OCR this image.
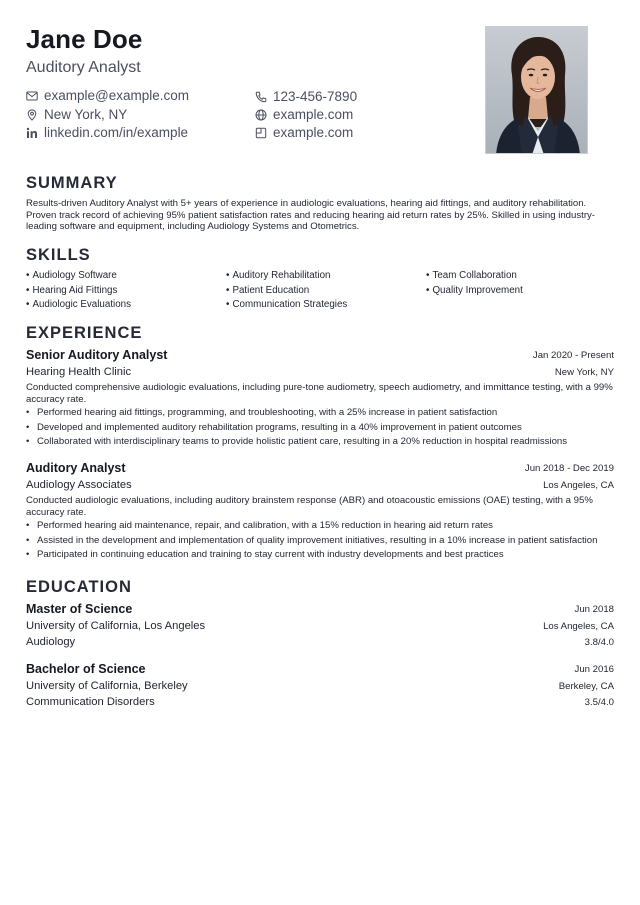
Jane Doe
Auditory Analyst
example@example.com	123-456-7890
New York, NY	example.com
linkedin.com/in/example	example.com
SUMMARY
Results-driven Auditory Analyst with 5+ years of experience in audiologic evaluations, hearing aid fittings, and auditory rehabilitation. Proven track record of achieving 95% patient satisfaction rates and reducing hearing aid return rates by 25%. Skilled in using industry-leading software and equipment, including Audiology Systems and Otometrics.
SKILLS
• Audiology Software	• Auditory Rehabilitation	• Team Collaboration
• Hearing Aid Fittings	• Patient Education	• Quality Improvement
• Audiologic Evaluations	• Communication Strategies
EXPERIENCE
Senior Auditory Analyst	Jan 2020 - Present
Hearing Health Clinic	New York, NY
Conducted comprehensive audiologic evaluations, including pure-tone audiometry, speech audiometry, and immittance testing, with a 99% accuracy rate.
• Performed hearing aid fittings, programming, and troubleshooting, with a 25% increase in patient satisfaction
• Developed and implemented auditory rehabilitation programs, resulting in a 40% improvement in patient outcomes
• Collaborated with interdisciplinary teams to provide holistic patient care, resulting in a 20% reduction in hospital readmissions
Auditory Analyst	Jun 2018 - Dec 2019
Audiology Associates	Los Angeles, CA
Conducted audiologic evaluations, including auditory brainstem response (ABR) and otoacoustic emissions (OAE) testing, with a 95% accuracy rate.
• Performed hearing aid maintenance, repair, and calibration, with a 15% reduction in hearing aid return rates
• Assisted in the development and implementation of quality improvement initiatives, resulting in a 10% increase in patient satisfaction
• Participated in continuing education and training to stay current with industry developments and best practices
EDUCATION
Master of Science	Jun 2018
University of California, Los Angeles	Los Angeles, CA
Audiology	3.8/4.0
Bachelor of Science	Jun 2016
University of California, Berkeley	Berkeley, CA
Communication Disorders	3.5/4.0
